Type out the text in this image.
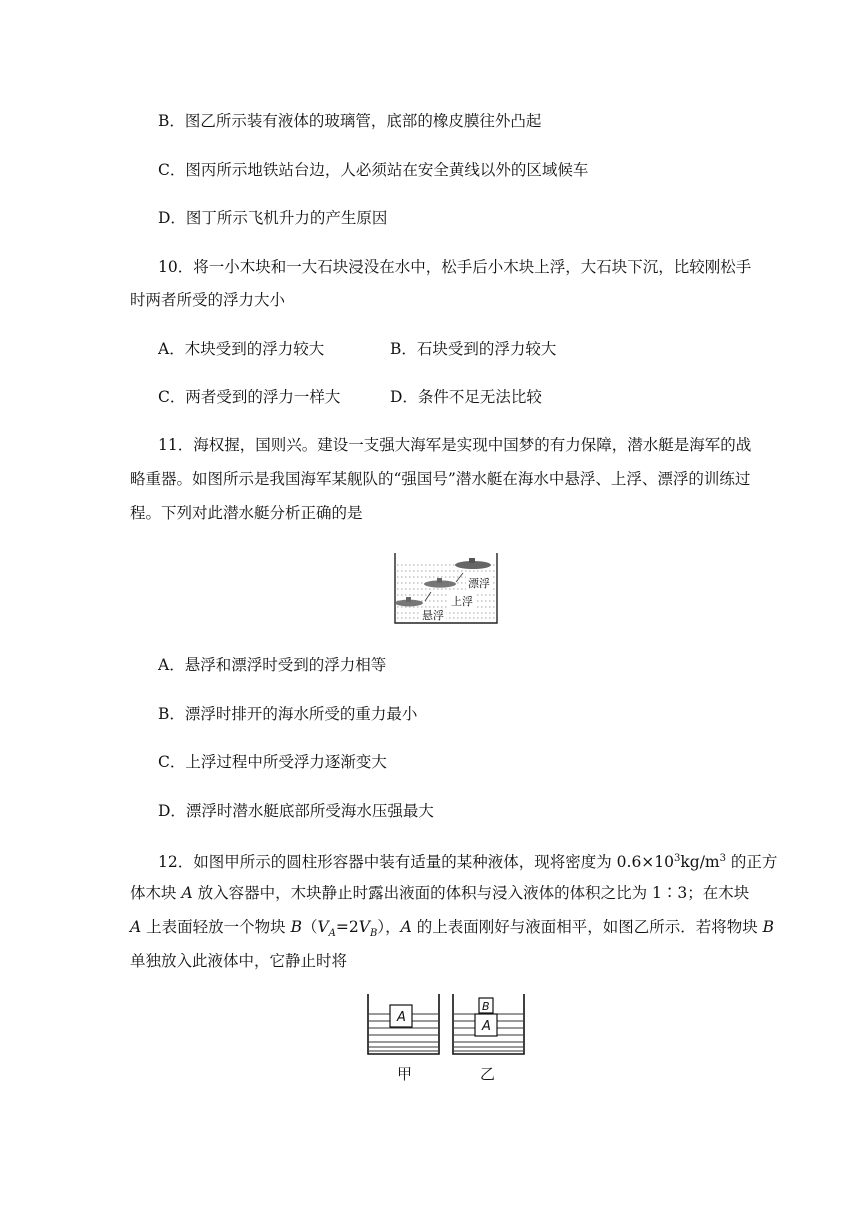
B．图乙所示装有液体的玻璃管，底部的橡皮膜往外凸起
C．图丙所示地铁站台边，人必须站在安全黄线以外的区域候车
D．图丁所示飞机升力的产生原因
10．将一小木块和一大石块浸没在水中，松手后小木块上浮，大石块下沉，比较刚松手
时两者所受的浮力大小
A．木块受到的浮力较大	B．石块受到的浮力较大
C．两者受到的浮力一样大	D．条件不足无法比较
11．海权握，国则兴。建设一支强大海军是实现中国梦的有力保障，潜水艇是海军的战
略重器。如图所示是我国海军某舰队的“强国号”潜水艇在海水中悬浮、上浮、漂浮的训练过
程。下列对此潜水艇分析正确的是
漂浮
上浮
悬浮
A．悬浮和漂浮时受到的浮力相等
B．漂浮时排开的海水所受的重力最小
C．上浮过程中所受浮力逐渐变大
D．漂浮时潜水艇底部所受海水压强最大
12．如图甲所示的圆柱形容器中装有适量的某种液体，现将密度为 $0.6\times 10^3kg/m^3$ 的正方
体木块 A 放入容器中，木块静止时露出液面的体积与浸入液体的体积之比为 1∶3；在木块
A 上表面轻放一个物块 $B(V_A=2V_B)$，A 的上表面刚好与液面相平，如图乙所示．若将物块 B
单独放入此液体中，它静止时将
A
A
B
甲	乙
